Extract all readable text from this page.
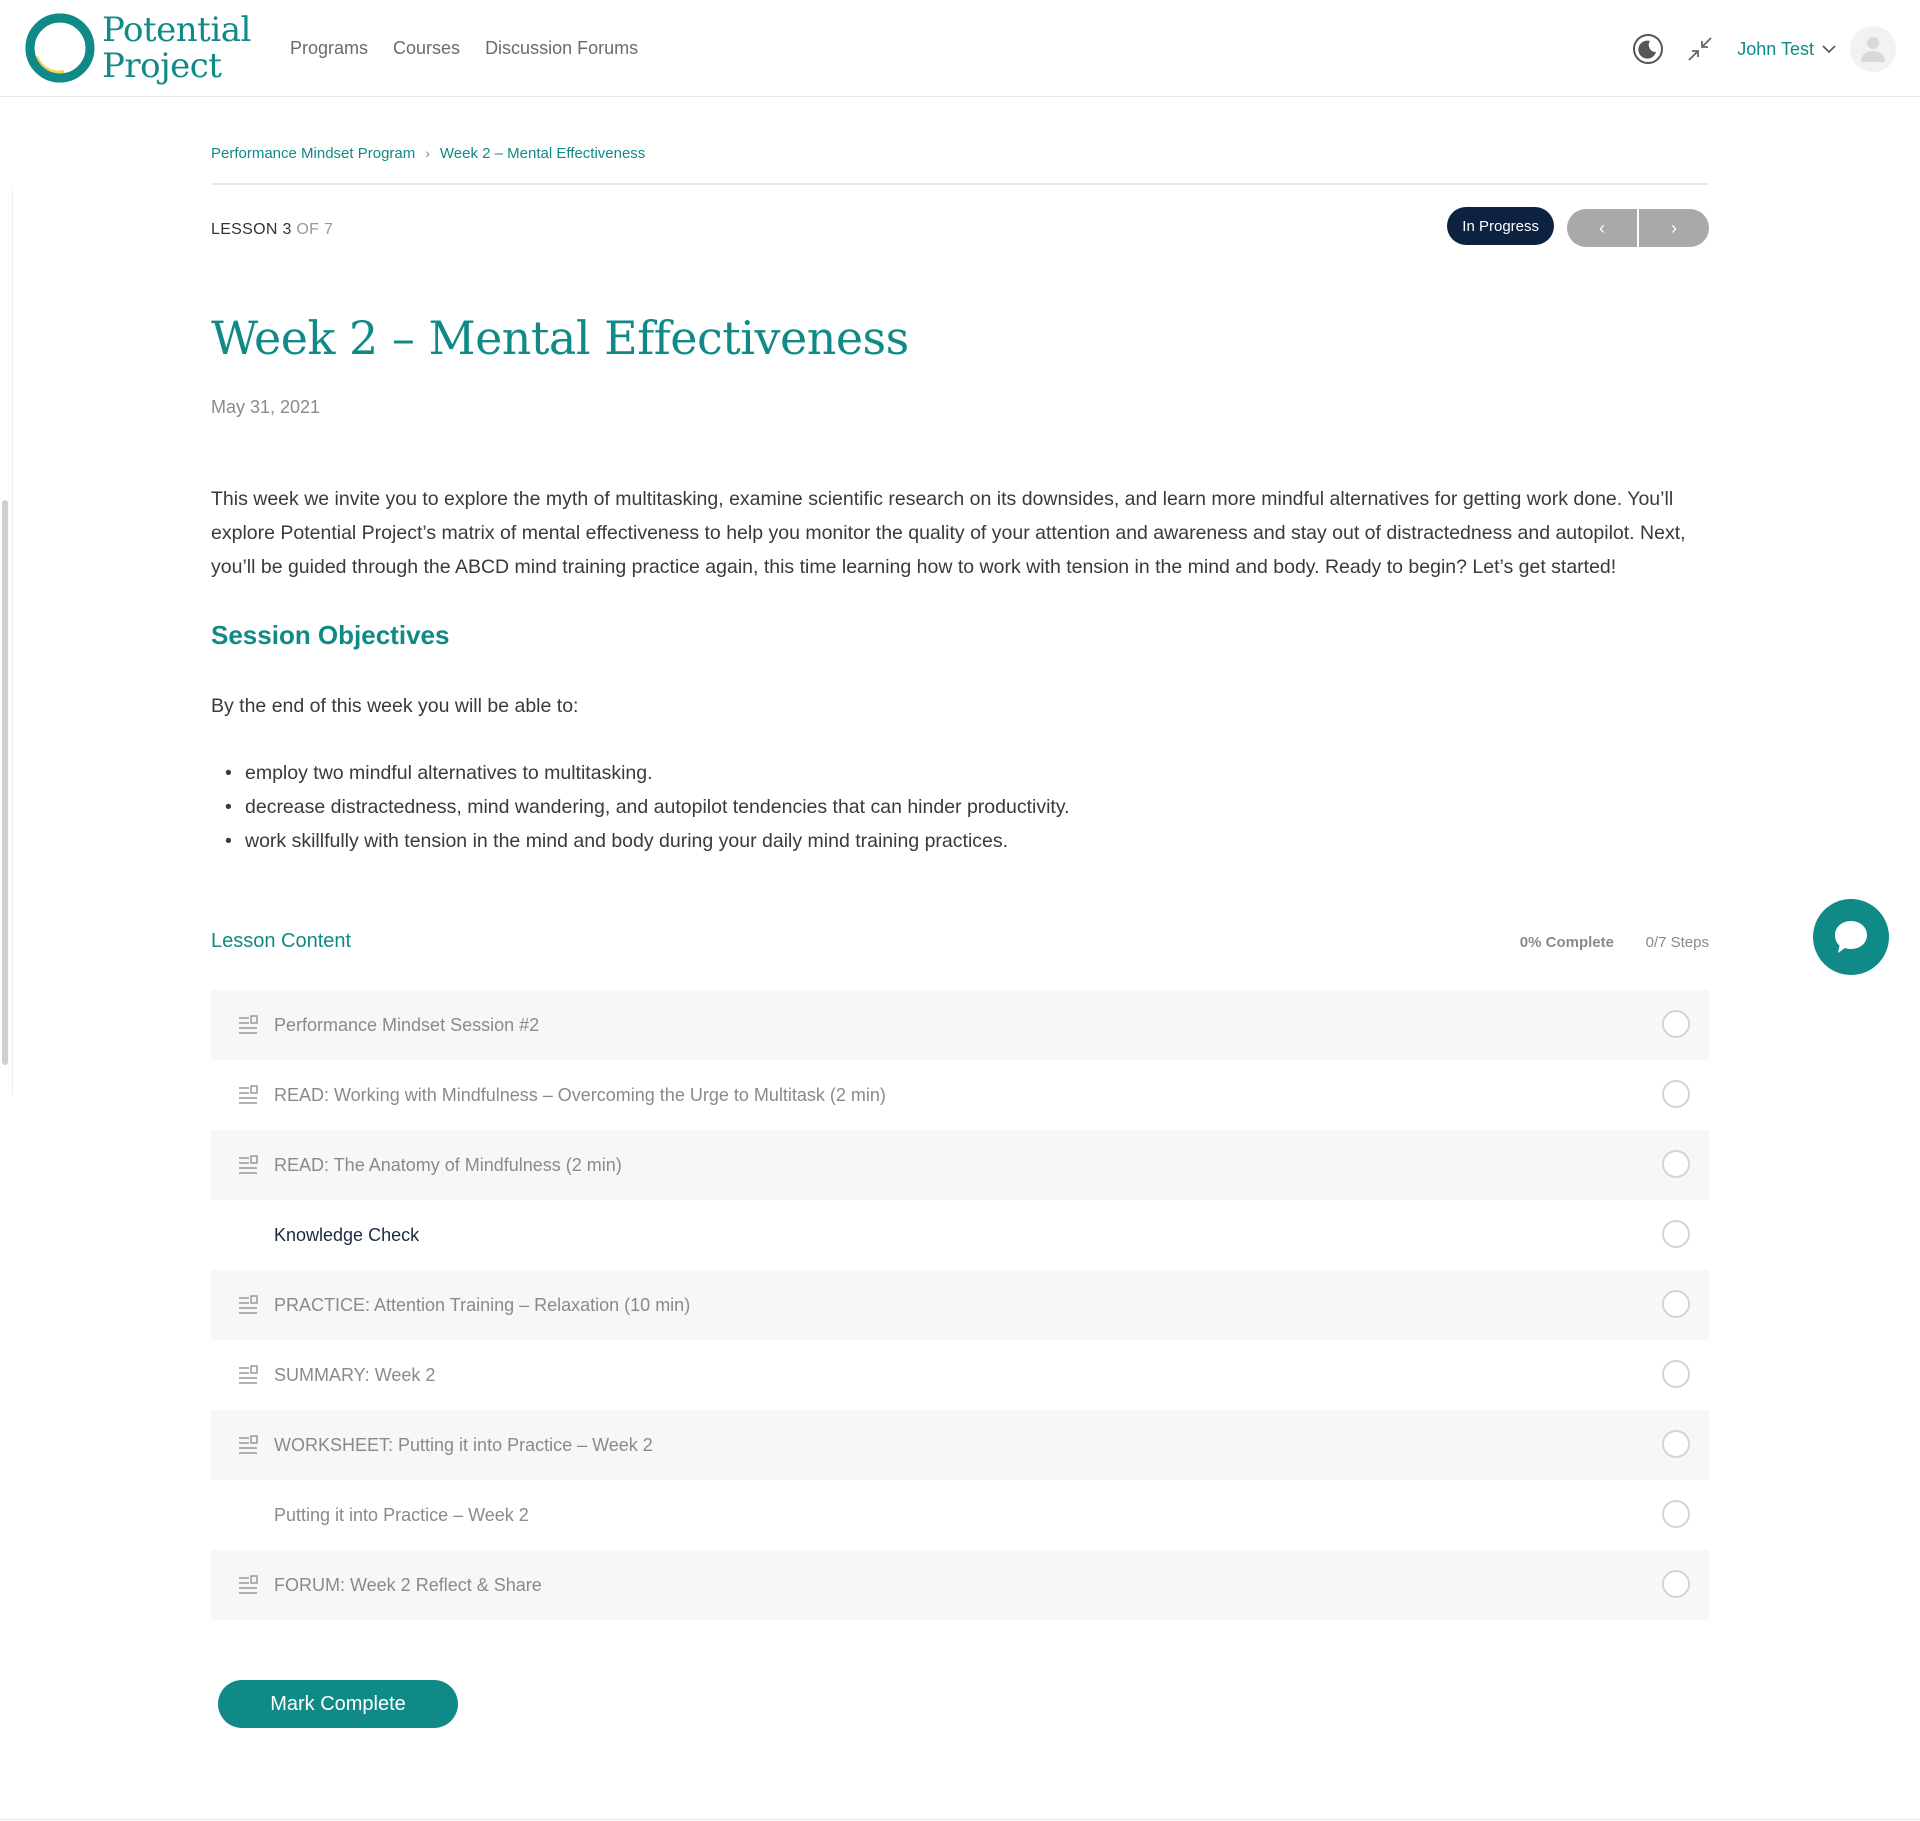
Potential
Project	Programs Courses Discussion Forums	John Test
Performance Mindset Program › Week 2 – Mental Effectiveness
LESSON 3 OF 7	In Progress	‹	›
Week 2 – Mental Effectiveness
May 31, 2021

This week we invite you to explore the myth of multitasking, examine scientific research on its downsides, and learn more mindful alternatives for getting work done. You’ll explore Potential Project’s matrix of mental effectiveness to help you monitor the quality of your attention and awareness and stay out of distractedness and autopilot. Next, you’ll be guided through the ABCD mind training practice again, this time learning how to work with tension in the mind and body. Ready to begin? Let’s get started!

Session Objectives

By the end of this week you will be able to:

• employ two mindful alternatives to multitasking.
• decrease distractedness, mind wandering, and autopilot tendencies that can hinder productivity.
• work skillfully with tension in the mind and body during your daily mind training practices.
Lesson Content	0% Complete 0/7 Steps
Performance Mindset Session #2
READ: Working with Mindfulness – Overcoming the Urge to Multitask (2 min)
READ: The Anatomy of Mindfulness (2 min)
Knowledge Check
PRACTICE: Attention Training – Relaxation (10 min)
SUMMARY: Week 2
WORKSHEET: Putting it into Practice – Week 2
Putting it into Practice – Week 2
FORUM: Week 2 Reflect & Share
Mark Complete
